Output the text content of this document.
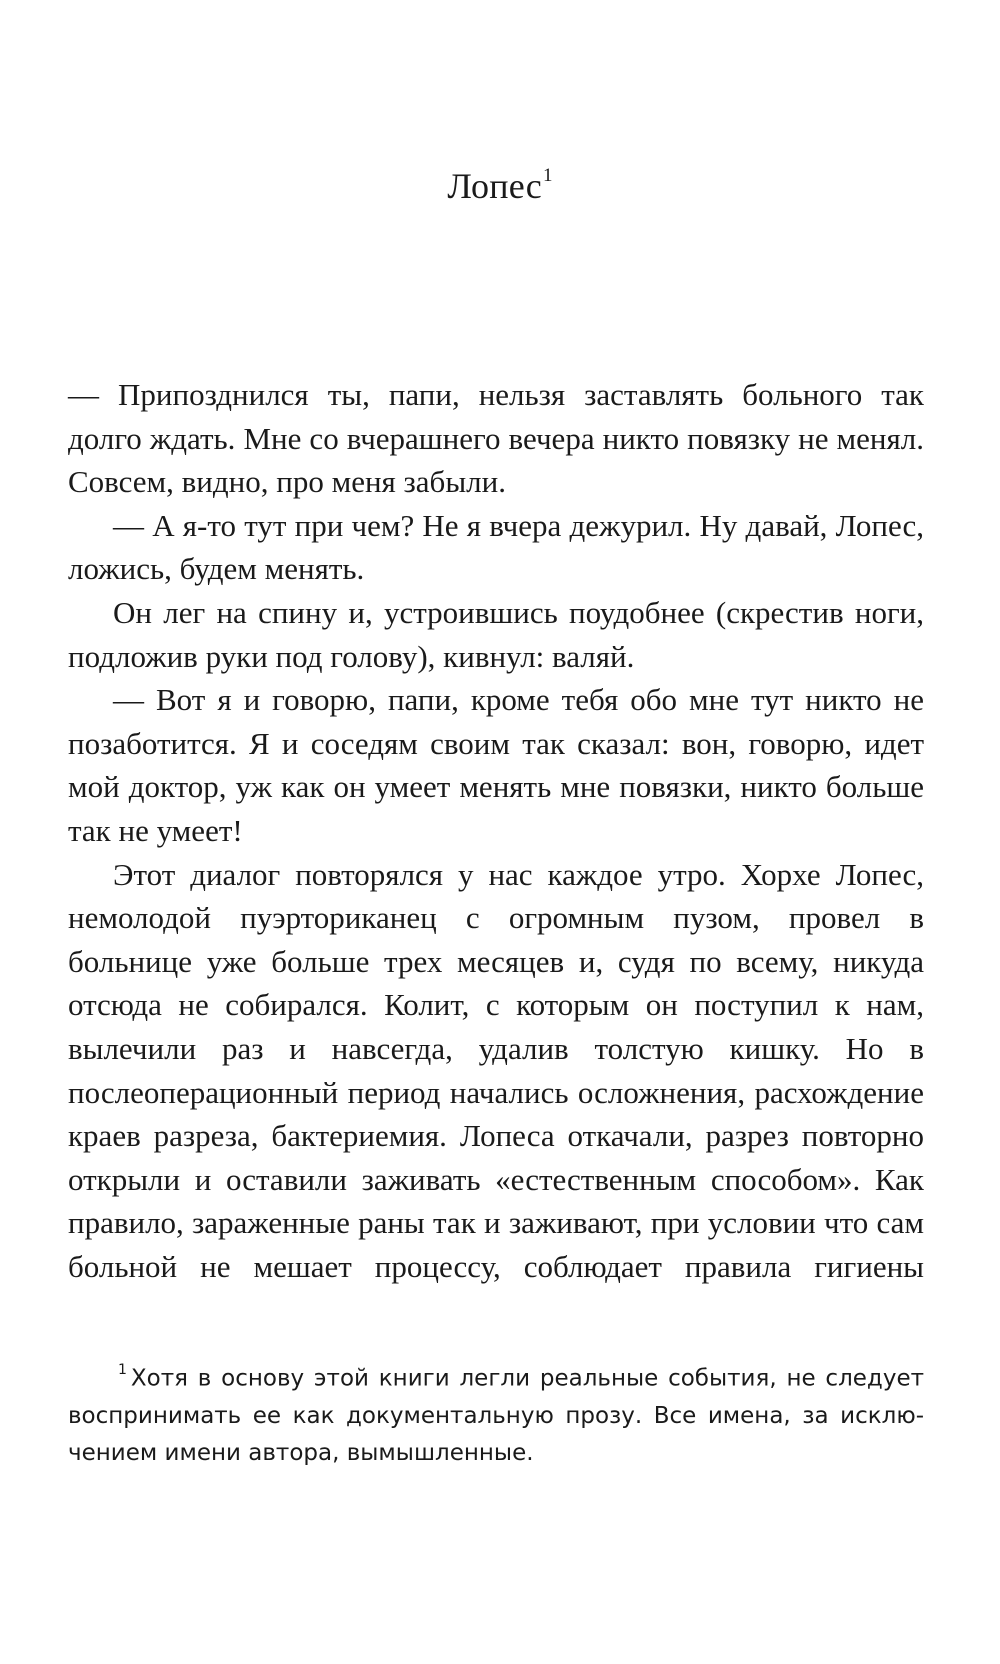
Лопес$^1$

— Припозднился ты, папи, нельзя заставлять больного так долго ждать. Мне со вчерашнего вечера никто повязку не менял. Совсем, видно, про меня забыли.

— А я-то тут при чем? Не я вчера дежурил. Ну давай, Лопес, ложись, будем менять.

Он лег на спину и, устроившись поудобнее (скрестив ноги, подложив руки под голову), кивнул: валяй.

— Вот я и говорю, папи, кроме тебя обо мне тут никто не позаботится. Я и соседям своим так сказал: вон, говорю, идет мой доктор, уж как он умеет менять мне повязки, никто больше так не умеет!

Этот диалог повторялся у нас каждое утро. Хорхе Лопес, немолодой пуэрториканец с огромным пузом, провел в больнице уже больше трех месяцев и, судя по всему, никуда отсюда не собирался. Колит, с которым он поступил к нам, вылечили раз и навсегда, удалив толстую кишку. Но в послеоперационный период начались осложнения, расхождение краев разреза, бактериемия. Лопеса откачали, разрез повторно открыли и оставили заживать «естественным способом». Как правило, зараженные раны так и заживают, при условии что сам больной не мешает процессу, соблюдает правила гигиены

$^1$ Хотя в основу этой книги легли реальные события, не следует воспринимать ее как документальную прозу. Все имена, за исключением имени автора, вымышленные.
